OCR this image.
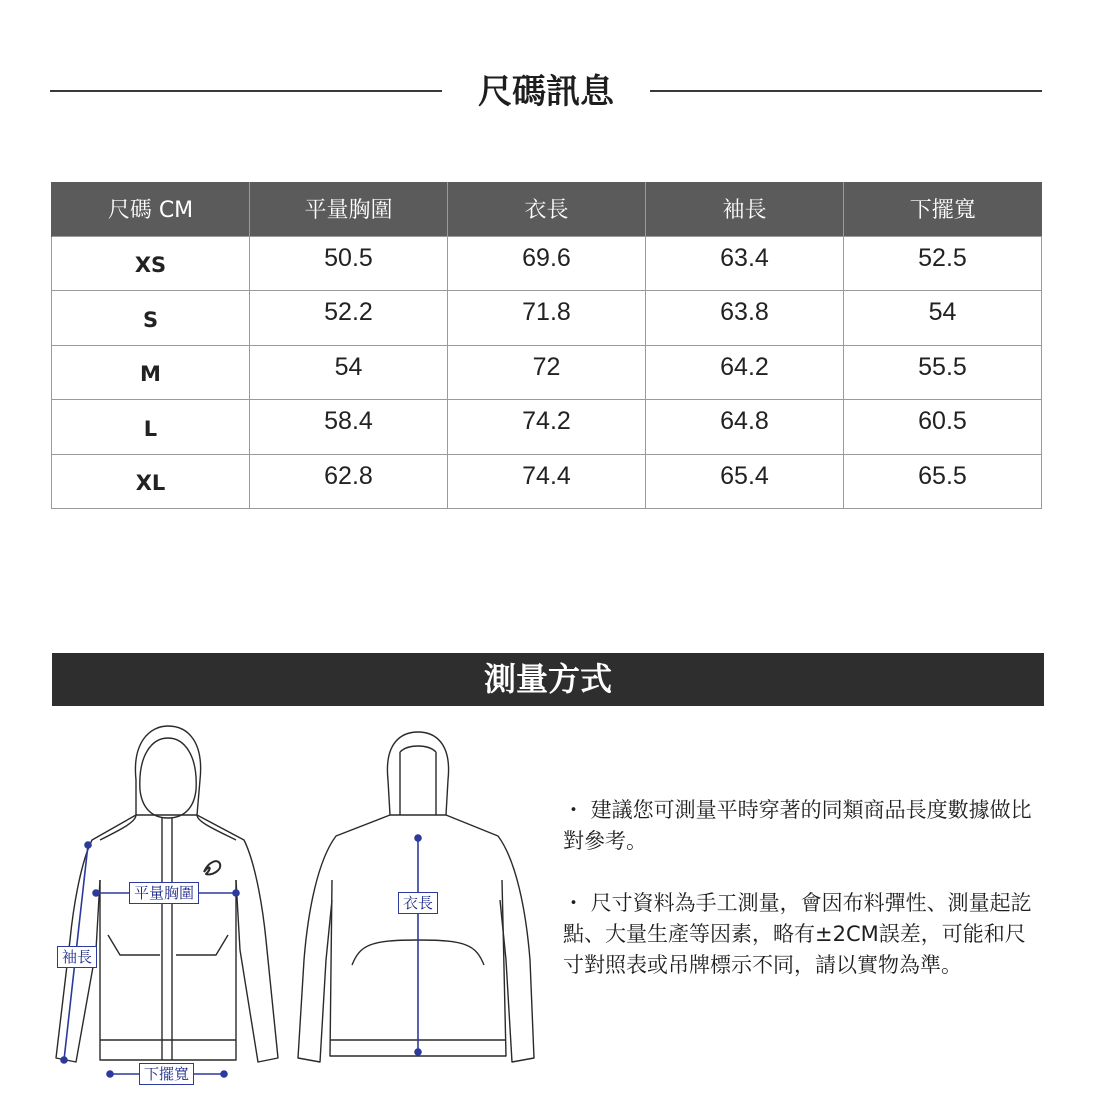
尺碼訊息
尺碼 CM	平量胸圍	衣長	袖長	下擺寬
XS	50.5	69.6	63.4	52.5
S	52.2	71.8	63.8	54
M	54	72	64.2	55.5
L	58.4	74.2	64.8	60.5
XL	62.8	74.4	65.4	65.5
測量方式
平量胸圍
袖長
下擺寬
衣長

・ 建議您可測量平時穿著的同類商品長度數據做比對參考。

・ 尺寸資料為手工測量，會因布料彈性、測量起訖點、大量生產等因素，略有±2CM誤差，可能和尺寸對照表或吊牌標示不同，請以實物為準。
